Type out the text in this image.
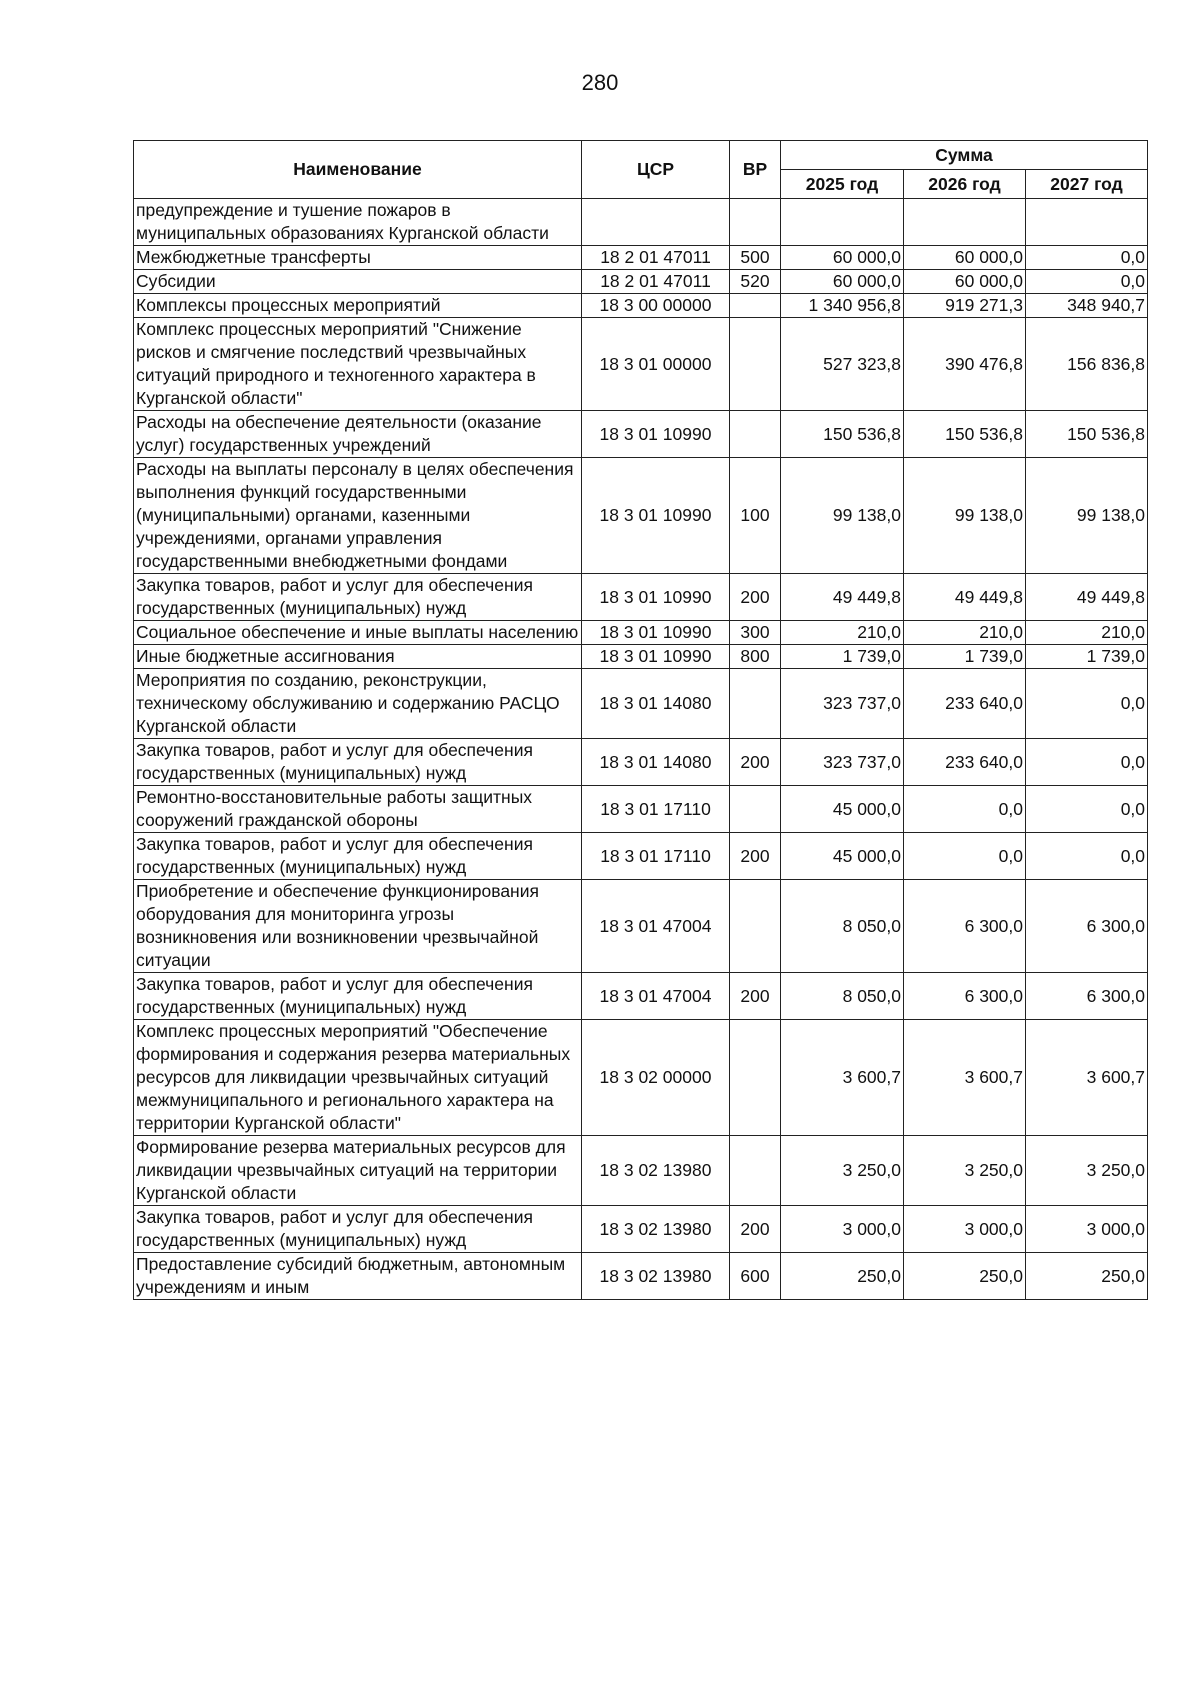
280
Наименование	ЦСР	ВР	Сумма		
			2025 год	2026 год	2027 год
предупреждение и тушение пожаров в муниципальных образованиях Курганской области					
Межбюджетные трансферты	18 2 01 47011	500	60 000,0	60 000,0	0,0
Субсидии	18 2 01 47011	520	60 000,0	60 000,0	0,0
Комплексы процессных мероприятий	18 3 00 00000		1 340 956,8	919 271,3	348 940,7
Комплекс процессных мероприятий "Снижение рисков и смягчение последствий чрезвычайных ситуаций природного и техногенного характера в Курганской области"	18 3 01 00000		527 323,8	390 476,8	156 836,8
Расходы на обеспечение деятельности (оказание услуг) государственных учреждений	18 3 01 10990		150 536,8	150 536,8	150 536,8
Расходы на выплаты персоналу в целях обеспечения выполнения функций государственными (муниципальными) органами, казенными учреждениями, органами управления государственными внебюджетными фондами	18 3 01 10990	100	99 138,0	99 138,0	99 138,0
Закупка товаров, работ и услуг для обеспечения государственных (муниципальных) нужд	18 3 01 10990	200	49 449,8	49 449,8	49 449,8
Социальное обеспечение и иные выплаты населению	18 3 01 10990	300	210,0	210,0	210,0
Иные бюджетные ассигнования	18 3 01 10990	800	1 739,0	1 739,0	1 739,0
Мероприятия по созданию, реконструкции, техническому обслуживанию и содержанию РАСЦО Курганской области	18 3 01 14080		323 737,0	233 640,0	0,0
Закупка товаров, работ и услуг для обеспечения государственных (муниципальных) нужд	18 3 01 14080	200	323 737,0	233 640,0	0,0
Ремонтно-восстановительные работы защитных сооружений гражданской обороны	18 3 01 17110		45 000,0	0,0	0,0
Закупка товаров, работ и услуг для обеспечения государственных (муниципальных) нужд	18 3 01 17110	200	45 000,0	0,0	0,0
Приобретение и обеспечение функционирования оборудования для мониторинга угрозы возникновения или возникновении чрезвычайной ситуации	18 3 01 47004		8 050,0	6 300,0	6 300,0
Закупка товаров, работ и услуг для обеспечения государственных (муниципальных) нужд	18 3 01 47004	200	8 050,0	6 300,0	6 300,0
Комплекс процессных мероприятий "Обеспечение формирования и содержания резерва материальных ресурсов для ликвидации чрезвычайных ситуаций межмуниципального и регионального характера на территории Курганской области"	18 3 02 00000		3 600,7	3 600,7	3 600,7
Формирование резерва материальных ресурсов для ликвидации чрезвычайных ситуаций на территории Курганской области	18 3 02 13980		3 250,0	3 250,0	3 250,0
Закупка товаров, работ и услуг для обеспечения государственных (муниципальных) нужд	18 3 02 13980	200	3 000,0	3 000,0	3 000,0
Предоставление субсидий бюджетным, автономным учреждениям и иным	18 3 02 13980	600	250,0	250,0	250,0
